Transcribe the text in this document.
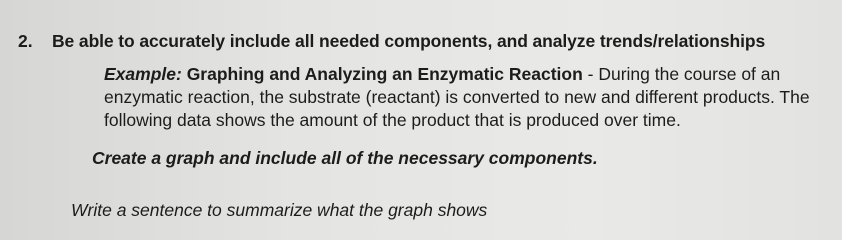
2. Be able to accurately include all needed components, and analyze trends/relationships

Example: Graphing and Analyzing an Enzymatic Reaction - During the course of an

enzymatic reaction, the substrate (reactant) is converted to new and different products. The

following data shows the amount of the product that is produced over time.

Create a graph and include all of the necessary components.

Write a sentence to summarize what the graph shows
